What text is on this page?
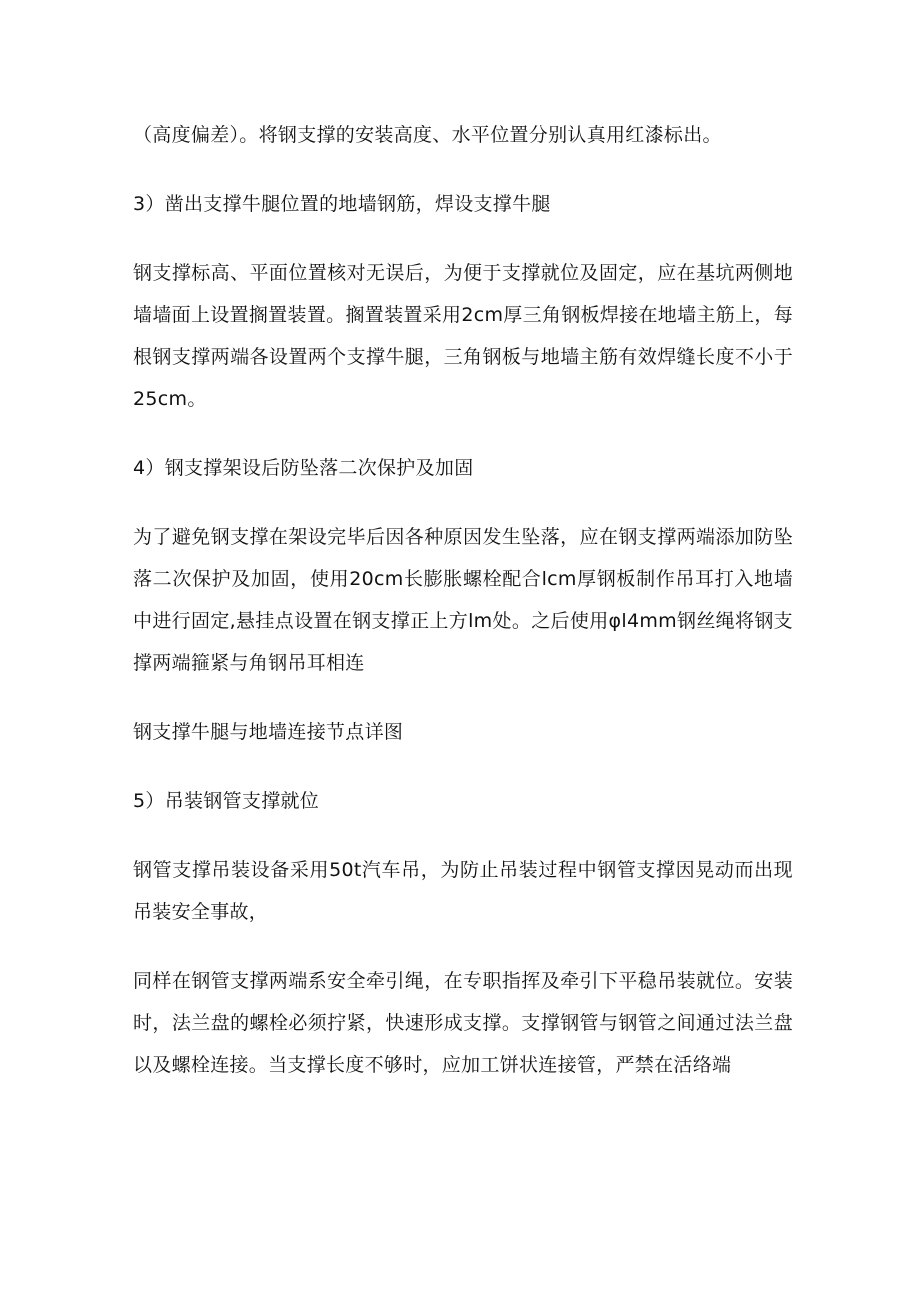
（高度偏差）。将钢支撑的安装高度、水平位置分别认真用红漆标出。

3）凿出支撑牛腿位置的地墙钢筋，焊设支撑牛腿

钢支撑标高、平面位置核对无误后，为便于支撑就位及固定，应在基坑两侧地墙墙面上设置搁置装置。搁置装置采用2cm厚三角钢板焊接在地墙主筋上，每根钢支撑两端各设置两个支撑牛腿，三角钢板与地墙主筋有效焊缝长度不小于25cm。

4）钢支撑架设后防坠落二次保护及加固

为了避免钢支撑在架设完毕后因各种原因发生坠落，应在钢支撑两端添加防坠落二次保护及加固，使用20cm长膨胀螺栓配合lcm厚钢板制作吊耳打入地墙中进行固定,悬挂点设置在钢支撑正上方lm处。之后使用φl4mm钢丝绳将钢支撑两端箍紧与角钢吊耳相连

钢支撑牛腿与地墙连接节点详图

5）吊装钢管支撑就位

钢管支撑吊装设备采用50t汽车吊，为防止吊装过程中钢管支撑因晃动而出现吊装安全事故，

同样在钢管支撑两端系安全牵引绳，在专职指挥及牵引下平稳吊装就位。安装时，法兰盘的螺栓必须拧紧，快速形成支撑。支撑钢管与钢管之间通过法兰盘以及螺栓连接。当支撑长度不够时，应加工饼状连接管，严禁在活络端
